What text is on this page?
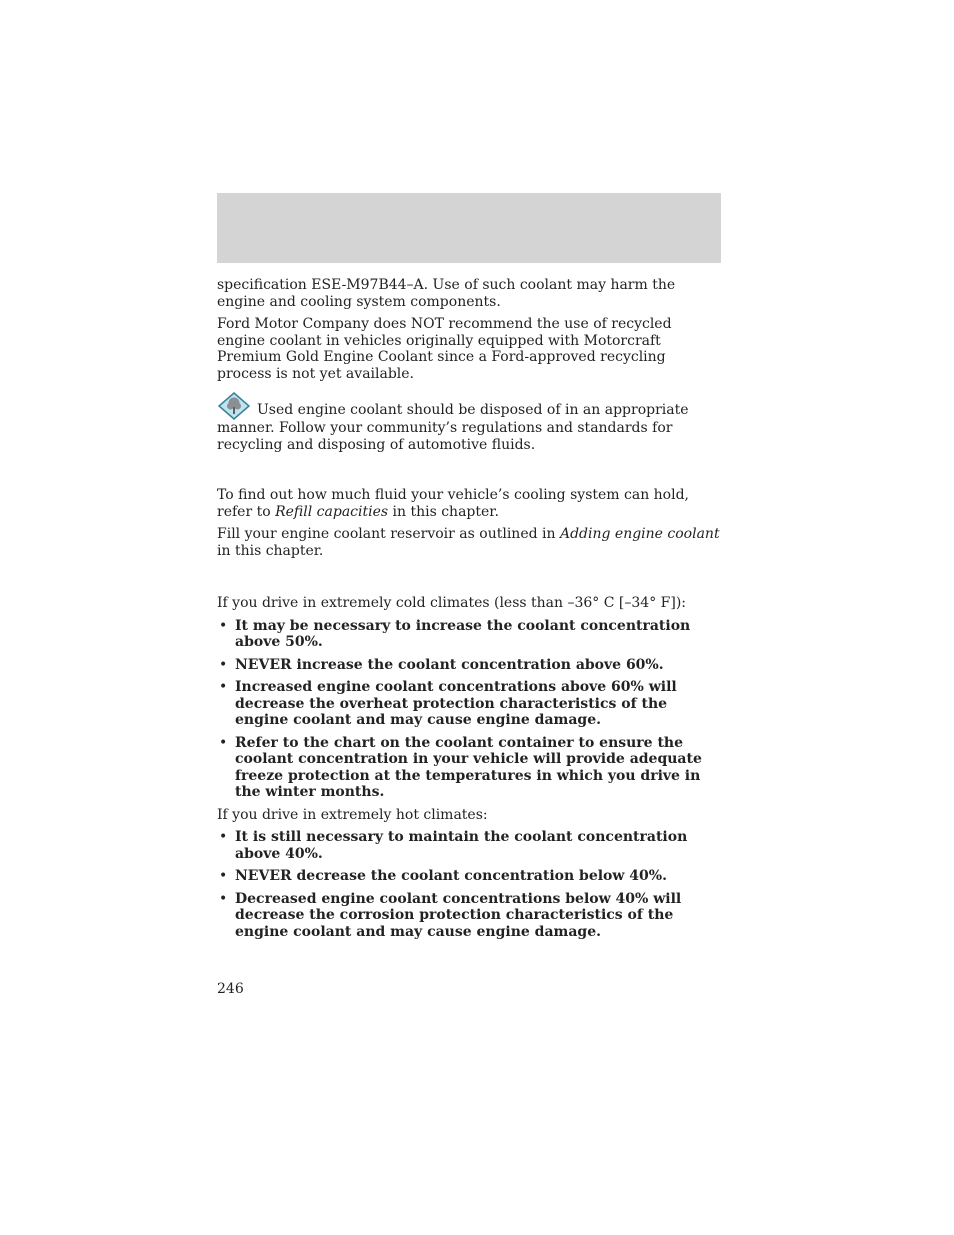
specification ESE-M97B44–A. Use of such coolant may harm the engine and cooling system components.

Ford Motor Company does NOT recommend the use of recycled engine coolant in vehicles originally equipped with Motorcraft Premium Gold Engine Coolant since a Ford-approved recycling process is not yet available.

Used engine coolant should be disposed of in an appropriate manner. Follow your community’s regulations and standards for recycling and disposing of automotive fluids.

To find out how much fluid your vehicle’s cooling system can hold, refer to Refill capacities in this chapter.

Fill your engine coolant reservoir as outlined in Adding engine coolant in this chapter.

If you drive in extremely cold climates (less than –36° C [–34° F]):

• It may be necessary to increase the coolant concentration above 50%.
• NEVER increase the coolant concentration above 60%.
• Increased engine coolant concentrations above 60% will decrease the overheat protection characteristics of the engine coolant and may cause engine damage.
• Refer to the chart on the coolant container to ensure the coolant concentration in your vehicle will provide adequate freeze protection at the temperatures in which you drive in the winter months.

If you drive in extremely hot climates:

• It is still necessary to maintain the coolant concentration above 40%.
• NEVER decrease the coolant concentration below 40%.
• Decreased engine coolant concentrations below 40% will decrease the corrosion protection characteristics of the engine coolant and may cause engine damage.
246
